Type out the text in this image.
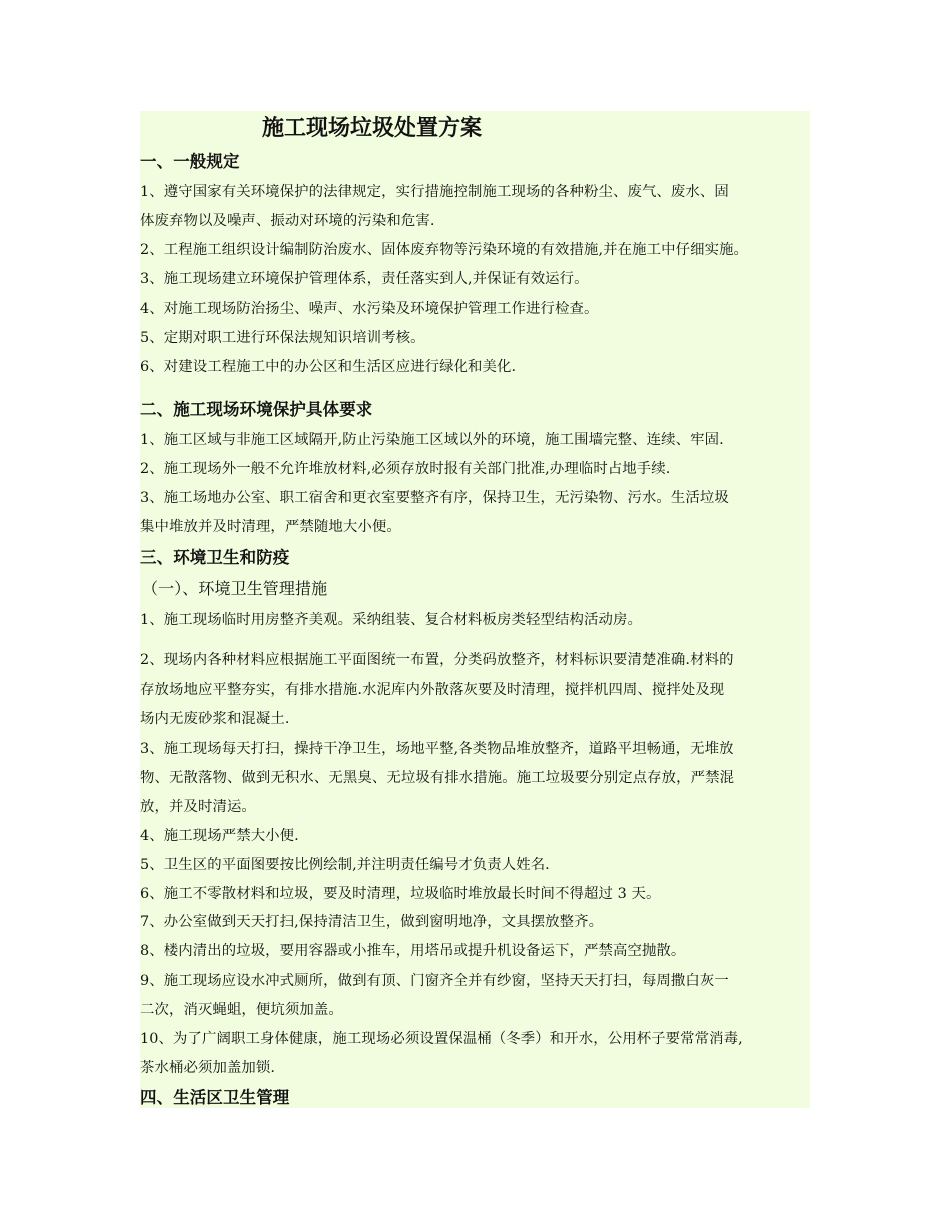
施工现场垃圾处置方案
一、一般规定
1、遵守国家有关环境保护的法律规定，实行措施控制施工现场的各种粉尘、废气、废水、固
体废弃物以及噪声、振动对环境的污染和危害.
2、工程施工组织设计编制防治废水、固体废弃物等污染环境的有效措施,并在施工中仔细实施。
3、施工现场建立环境保护管理体系，责任落实到人,并保证有效运行。
4、对施工现场防治扬尘、噪声、水污染及环境保护管理工作进行检查。
5、定期对职工进行环保法规知识培训考核。
6、对建设工程施工中的办公区和生活区应进行绿化和美化.
二、施工现场环境保护具体要求
1、施工区域与非施工区域隔开,防止污染施工区域以外的环境，施工围墙完整、连续、牢固.
2、施工现场外一般不允许堆放材料,必须存放时报有关部门批准,办理临时占地手续.
3、施工场地办公室、职工宿舍和更衣室要整齐有序，保持卫生，无污染物、污水。生活垃圾
集中堆放并及时清理，严禁随地大小便。
三、环境卫生和防疫
（一）、环境卫生管理措施
1、施工现场临时用房整齐美观。采纳组装、复合材料板房类轻型结构活动房。
2、现场内各种材料应根据施工平面图统一布置，分类码放整齐，材料标识要清楚准确.材料的
存放场地应平整夯实，有排水措施.水泥库内外散落灰要及时清理，搅拌机四周、搅拌处及现
场内无废砂浆和混凝土.
3、施工现场每天打扫，操持干净卫生，场地平整,各类物品堆放整齐，道路平坦畅通，无堆放
物、无散落物、做到无积水、无黑臭、无垃圾有排水措施。施工垃圾要分别定点存放，严禁混
放，并及时清运。
4、施工现场严禁大小便.
5、卫生区的平面图要按比例绘制,并注明责任编号才负责人姓名.
6、施工不零散材料和垃圾，要及时清理，垃圾临时堆放最长时间不得超过 3 天。
7、办公室做到天天打扫,保持清洁卫生，做到窗明地净，文具摆放整齐。
8、楼内清出的垃圾，要用容器或小推车，用塔吊或提升机设备运下，严禁高空抛散。
9、施工现场应设水冲式厕所，做到有顶、门窗齐全并有纱窗，坚持天天打扫，每周撒白灰一
二次，消灭蝇蛆，便坑须加盖。
10、为了广阔职工身体健康，施工现场必须设置保温桶（冬季）和开水，公用杯子要常常消毒,
茶水桶必须加盖加锁.
四、生活区卫生管理
